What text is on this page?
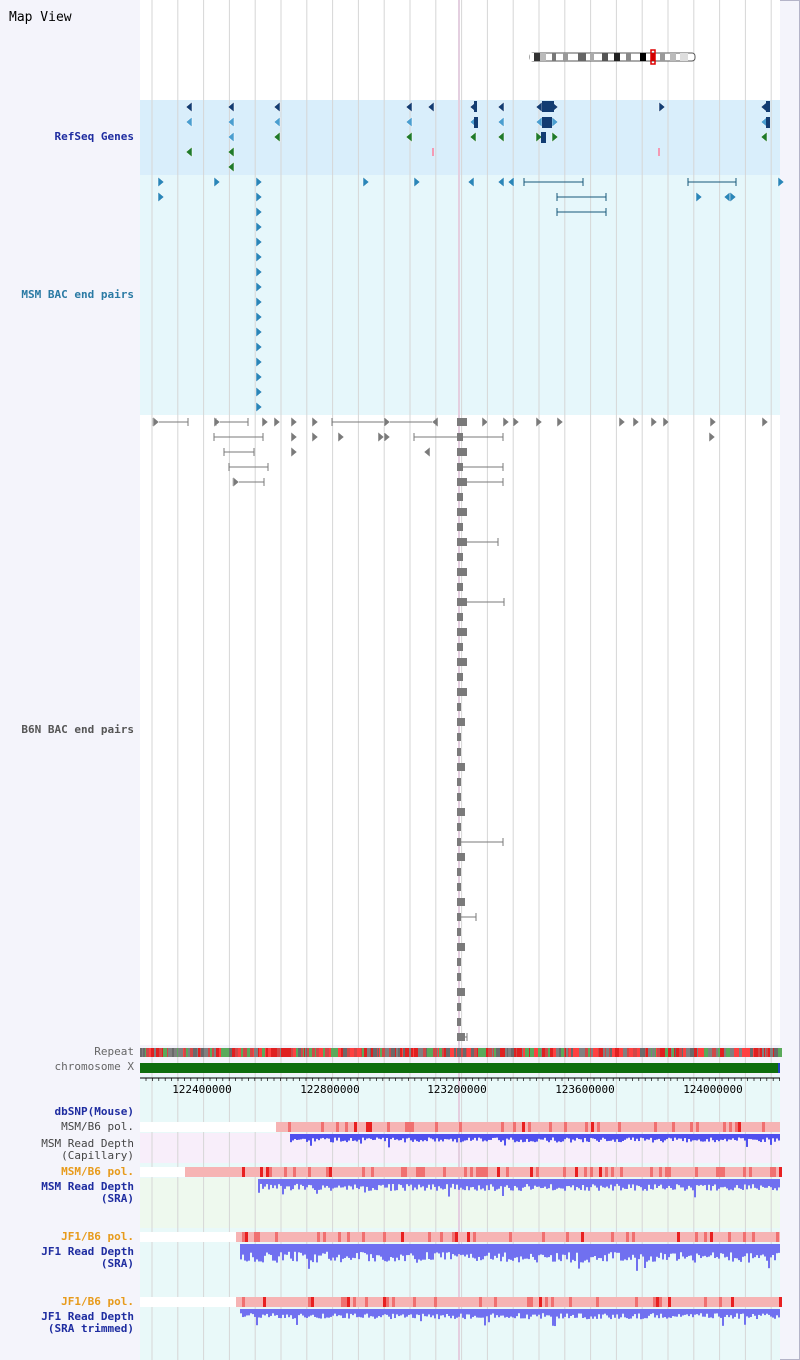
Map View
122400000	122800000	123200000	123600000	124000000
RefSeq Genes
MSM BAC end pairs
B6N BAC end pairs
Repeat
chromosome X
dbSNP(Mouse)
MSM/B6 pol.
MSM Read Depth
(Capillary)
MSM/B6 pol.
MSM Read Depth
(SRA)
JF1/B6 pol.
JF1 Read Depth
(SRA)
JF1/B6 pol.
JF1 Read Depth
(SRA trimmed)
